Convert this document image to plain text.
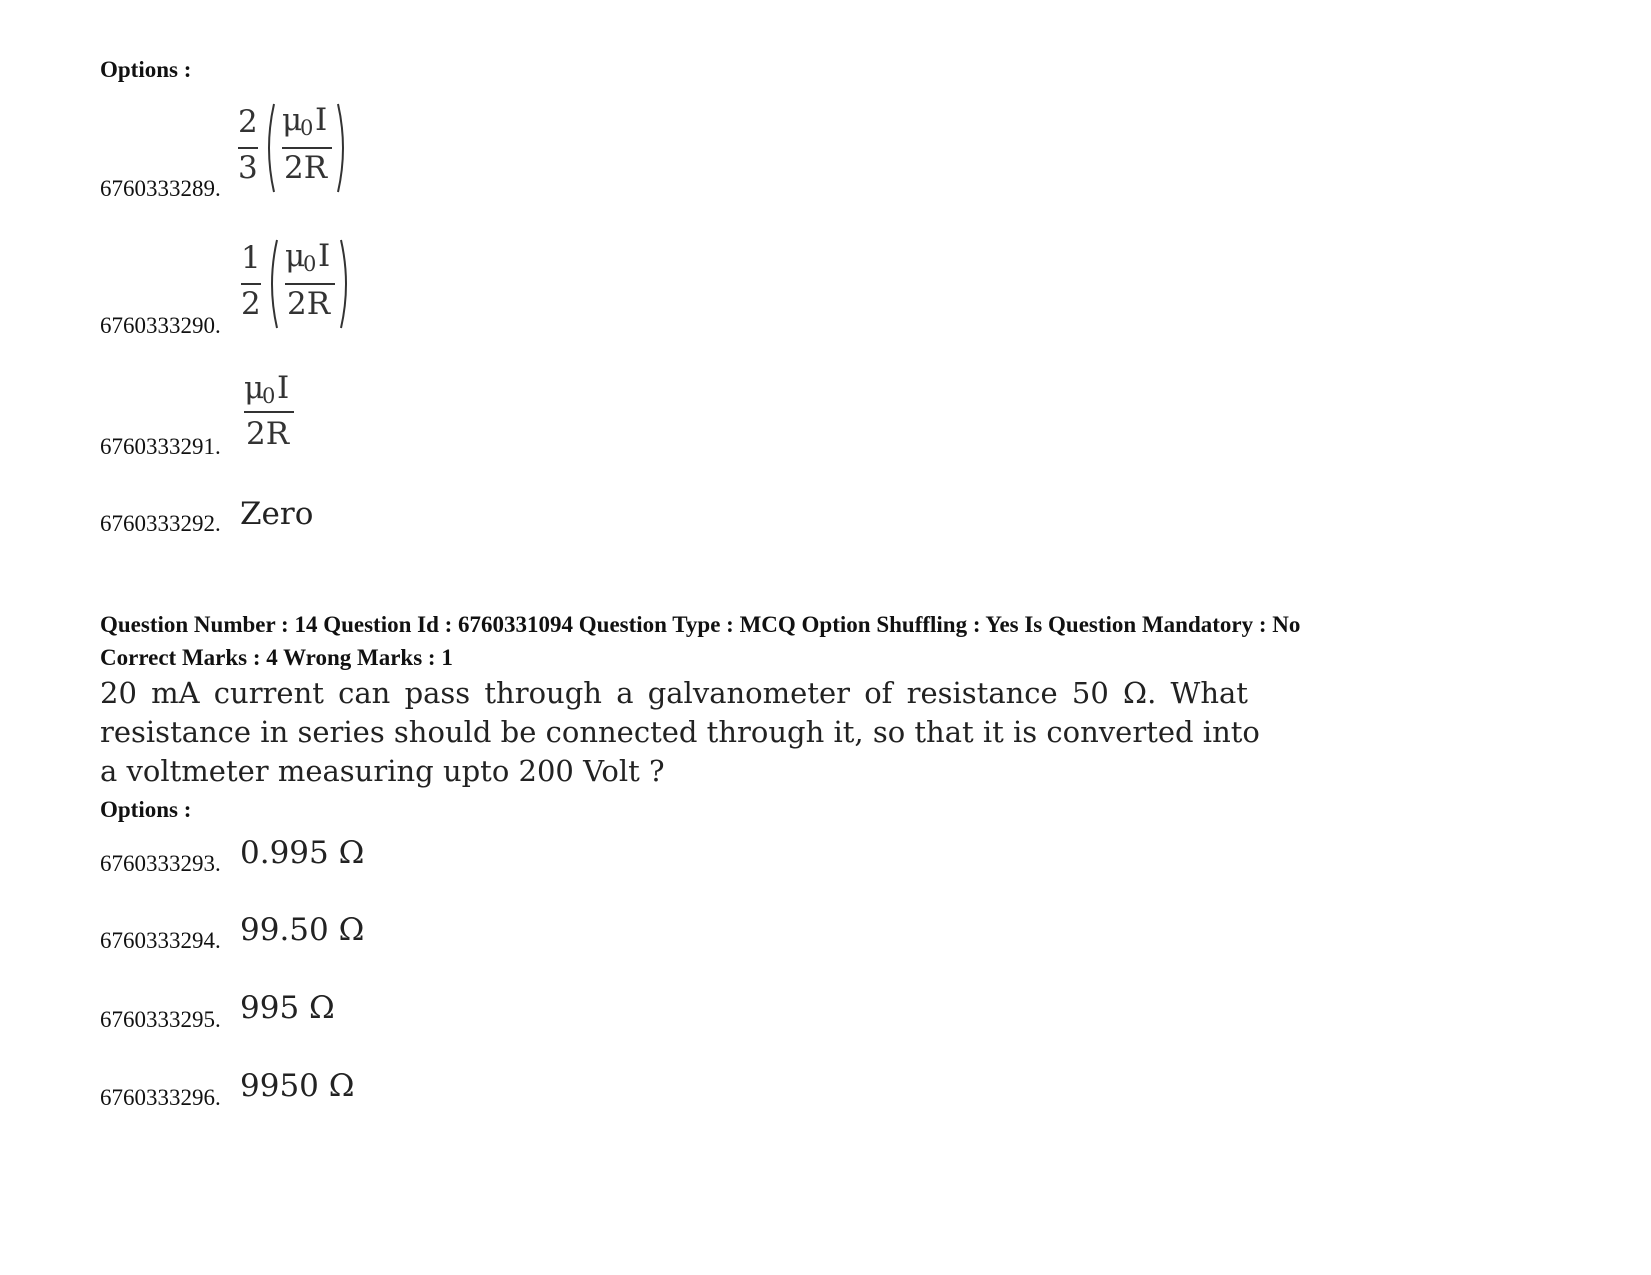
Options :
6760333289.
2
3
μ
0 I
2R
6760333290.
1
2
μ
0 I
2R
6760333291.
μ
0 I
2R
6760333292. Zero
Question Number : 14 Question Id : 6760331094 Question Type : MCQ Option Shuffling : Yes Is Question Mandatory : No
Correct Marks : 4 Wrong Marks : 1
20 mA current can pass through a galvanometer of resistance 50 Ω. What
resistance in series should be connected through it, so that it is converted into
a voltmeter measuring upto 200 Volt ?
Options :
6760333293. 0.995 Ω
6760333294. 99.50 Ω
6760333295. 995 Ω
6760333296. 9950 Ω
